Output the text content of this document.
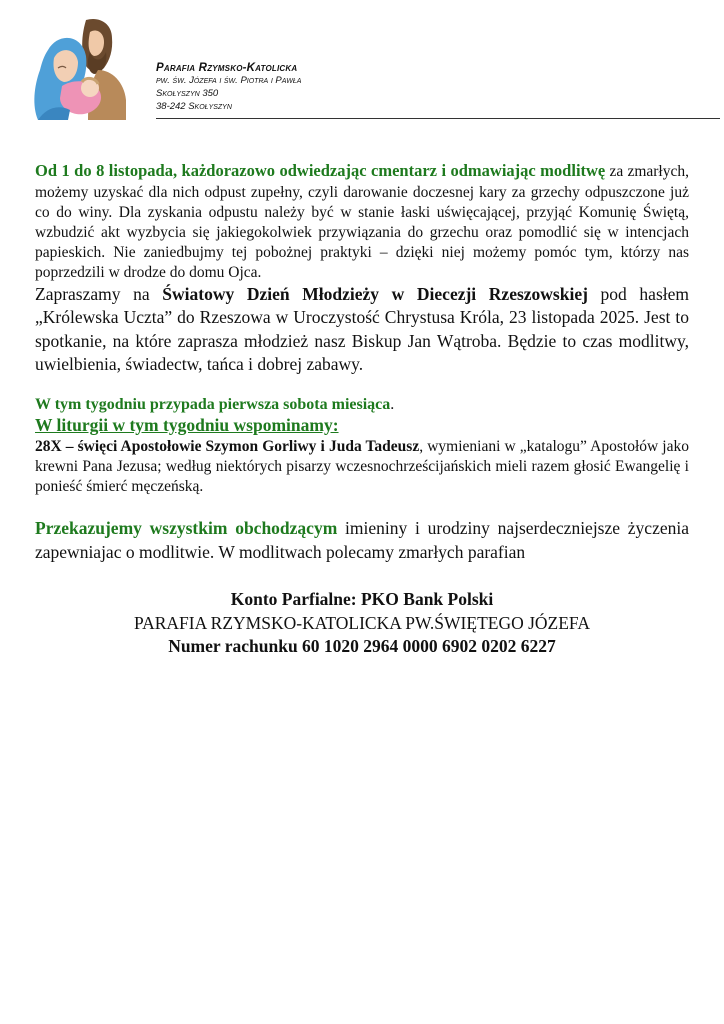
Parafia Rzymsko-Katolicka
pw. św. Józefa i św. Piotra i Pawła
Skołyszyn 350
38-242 Skołyszyn

Od 1 do 8 listopada, każdorazowo odwiedzając cmentarz i odmawiając modlitwę za zmarłych, możemy uzyskać dla nich odpust zupełny, czyli darowanie doczesnej kary za grzechy odpuszczone już co do winy. Dla zyskania odpustu należy być w stanie łaski uświęcającej, przyjąć Komunię Świętą, wzbudzić akt wyzbycia się jakiegokolwiek przywiązania do grzechu oraz pomodlić się w intencjach papieskich. Nie zaniedbujmy tej pobożnej praktyki – dzięki niej możemy pomóc tym, którzy nas poprzedzili w drodze do domu Ojca.

Zapraszamy na Światowy Dzień Młodzieży w Diecezji Rzeszowskiej pod hasłem „Królewska Uczta” do Rzeszowa w Uroczystość Chrystusa Króla, 23 listopada 2025. Jest to spotkanie, na które zaprasza młodzież nasz Biskup Jan Wątroba. Będzie to czas modlitwy, uwielbienia, świadectw, tańca i dobrej zabawy.

W tym tygodniu przypada pierwsza sobota miesiąca.

W liturgii w tym tygodniu wspominamy:

28X – święci Apostołowie Szymon Gorliwy i Juda Tadeusz, wymieniani w „katalogu” Apostołów jako krewni Pana Jezusa; według niektórych pisarzy wczesnochrześcijańskich mieli razem głosić Ewangelię i ponieść śmierć męczeńską.

Przekazujemy wszystkim obchodzącym imieniny i urodziny najserdeczniejsze życzenia zapewniajac o modlitwie. W modlitwach polecamy zmarłych parafian

Konto Parfialne: PKO Bank Polski

PARAFIA RZYMSKO-KATOLICKA PW.ŚWIĘTEGO JÓZEFA

Numer rachunku 60 1020 2964 0000 6902 0202 6227
